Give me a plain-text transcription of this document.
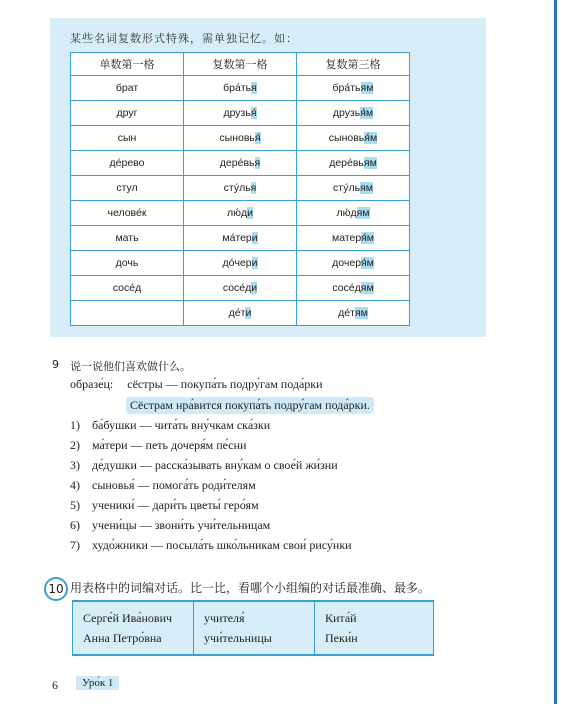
某些名词复数形式特殊，需单独记忆。如：
单数第一格	复数第一格	复数第三格
брат	бра́тья	бра́тьям
друг	друзья́	друзья́м
сын	сыновья́	сыновья́м
де́рево	дере́вья	дере́вьям
стул	сту́лья	сту́льям
челове́к	лю́ди	лю́дям
мать	ма́тери	матеря́м
дочь	до́чери	дочеря́м
сосе́д	сосе́ди	сосе́дям
	де́ти	де́тям
9 说一说他们喜欢做什么。
образе́ц: сёстры — покупа́ть подру́гам пода́рки
Сёстрам нра́вится покупа́ть подру́гам пода́рки.
1) ба́бушки — чита́ть вну́чкам ска́зки
2) ма́тери — петь дочеря́м пе́сни
3) де́душки — расска́зывать вну́кам о свое́й жи́зни
4) сыновья́ — помога́ть роди́телям
5) ученики́ — дари́ть цветы́ геро́ям
6) учени́цы — звони́ть учи́тельницам
7) худо́жники — посыла́ть шко́льникам свои́ рису́нки
10 用表格中的词编对话。比一比，看哪个小组编的对话最准确、最多。
Серге́й Ива́нович
Анна Петро́вна

учителя́
учи́тельницы

Кита́й
Пеки́н
6	Уро́к 1
